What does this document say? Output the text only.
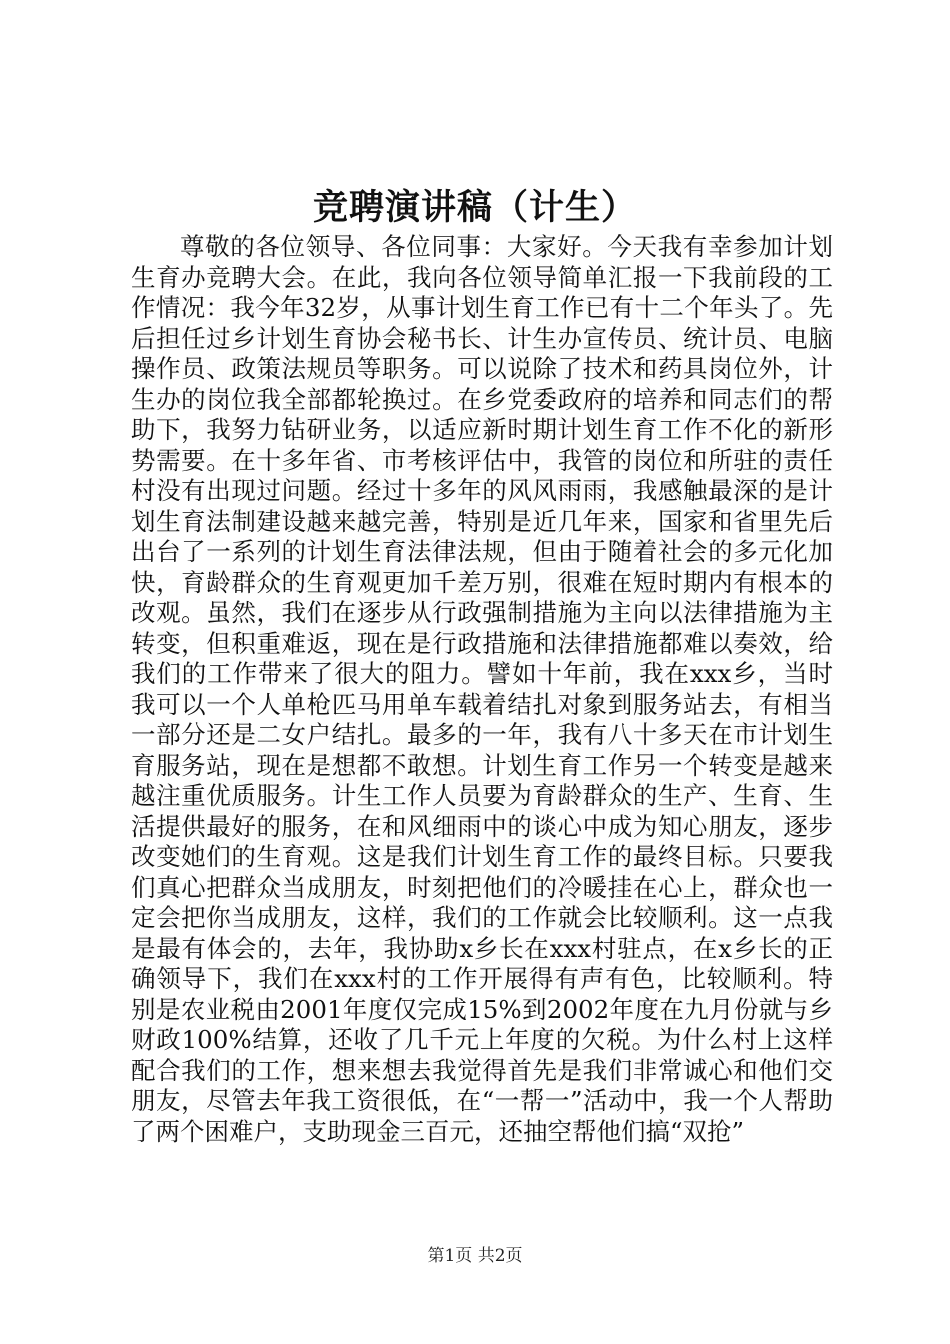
竞聘演讲稿（计生）

尊敬的各位领导、各位同事：大家好。今天我有幸参加计划生育办竞聘大会。在此，我向各位领导简单汇报一下我前段的工作情况：我今年32岁，从事计划生育工作已有十二个年头了。先后担任过乡计划生育协会秘书长、计生办宣传员、统计员、电脑操作员、政策法规员等职务。可以说除了技术和药具岗位外，计生办的岗位我全部都轮换过。在乡党委政府的培养和同志们的帮助下，我努力钻研业务，以适应新时期计划生育工作不化的新形势需要。在十多年省、市考核评估中，我管的岗位和所驻的责任村没有出现过问题。经过十多年的风风雨雨，我感触最深的是计划生育法制建设越来越完善，特别是近几年来，国家和省里先后出台了一系列的计划生育法律法规，但由于随着社会的多元化加快，育龄群众的生育观更加千差万别，很难在短时期内有根本的改观。虽然，我们在逐步从行政强制措施为主向以法律措施为主转变，但积重难返，现在是行政措施和法律措施都难以奏效，给我们的工作带来了很大的阻力。譬如十年前，我在xxx乡，当时我可以一个人单枪匹马用单车载着结扎对象到服务站去，有相当一部分还是二女户结扎。最多的一年，我有八十多天在市计划生育服务站，现在是想都不敢想。计划生育工作另一个转变是越来越注重优质服务。计生工作人员要为育龄群众的生产、生育、生活提供最好的服务，在和风细雨中的谈心中成为知心朋友，逐步改变她们的生育观。这是我们计划生育工作的最终目标。只要我们真心把群众当成朋友，时刻把他们的冷暖挂在心上，群众也一定会把你当成朋友，这样，我们的工作就会比较顺利。这一点我是最有体会的，去年，我协助x乡长在xxx村驻点，在x乡长的正确领导下，我们在xxx村的工作开展得有声有色，比较顺利。特别是农业税由2001年度仅完成15%到2002年度在九月份就与乡财政100%结算，还收了几千元上年度的欠税。为什么村上这样配合我们的工作，想来想去我觉得首先是我们非常诚心和他们交朋友，尽管去年我工资很低，在“一帮一”活动中，我一个人帮助了两个困难户，支助现金三百元，还抽空帮他们搞“双抢”

第1页 共2页
